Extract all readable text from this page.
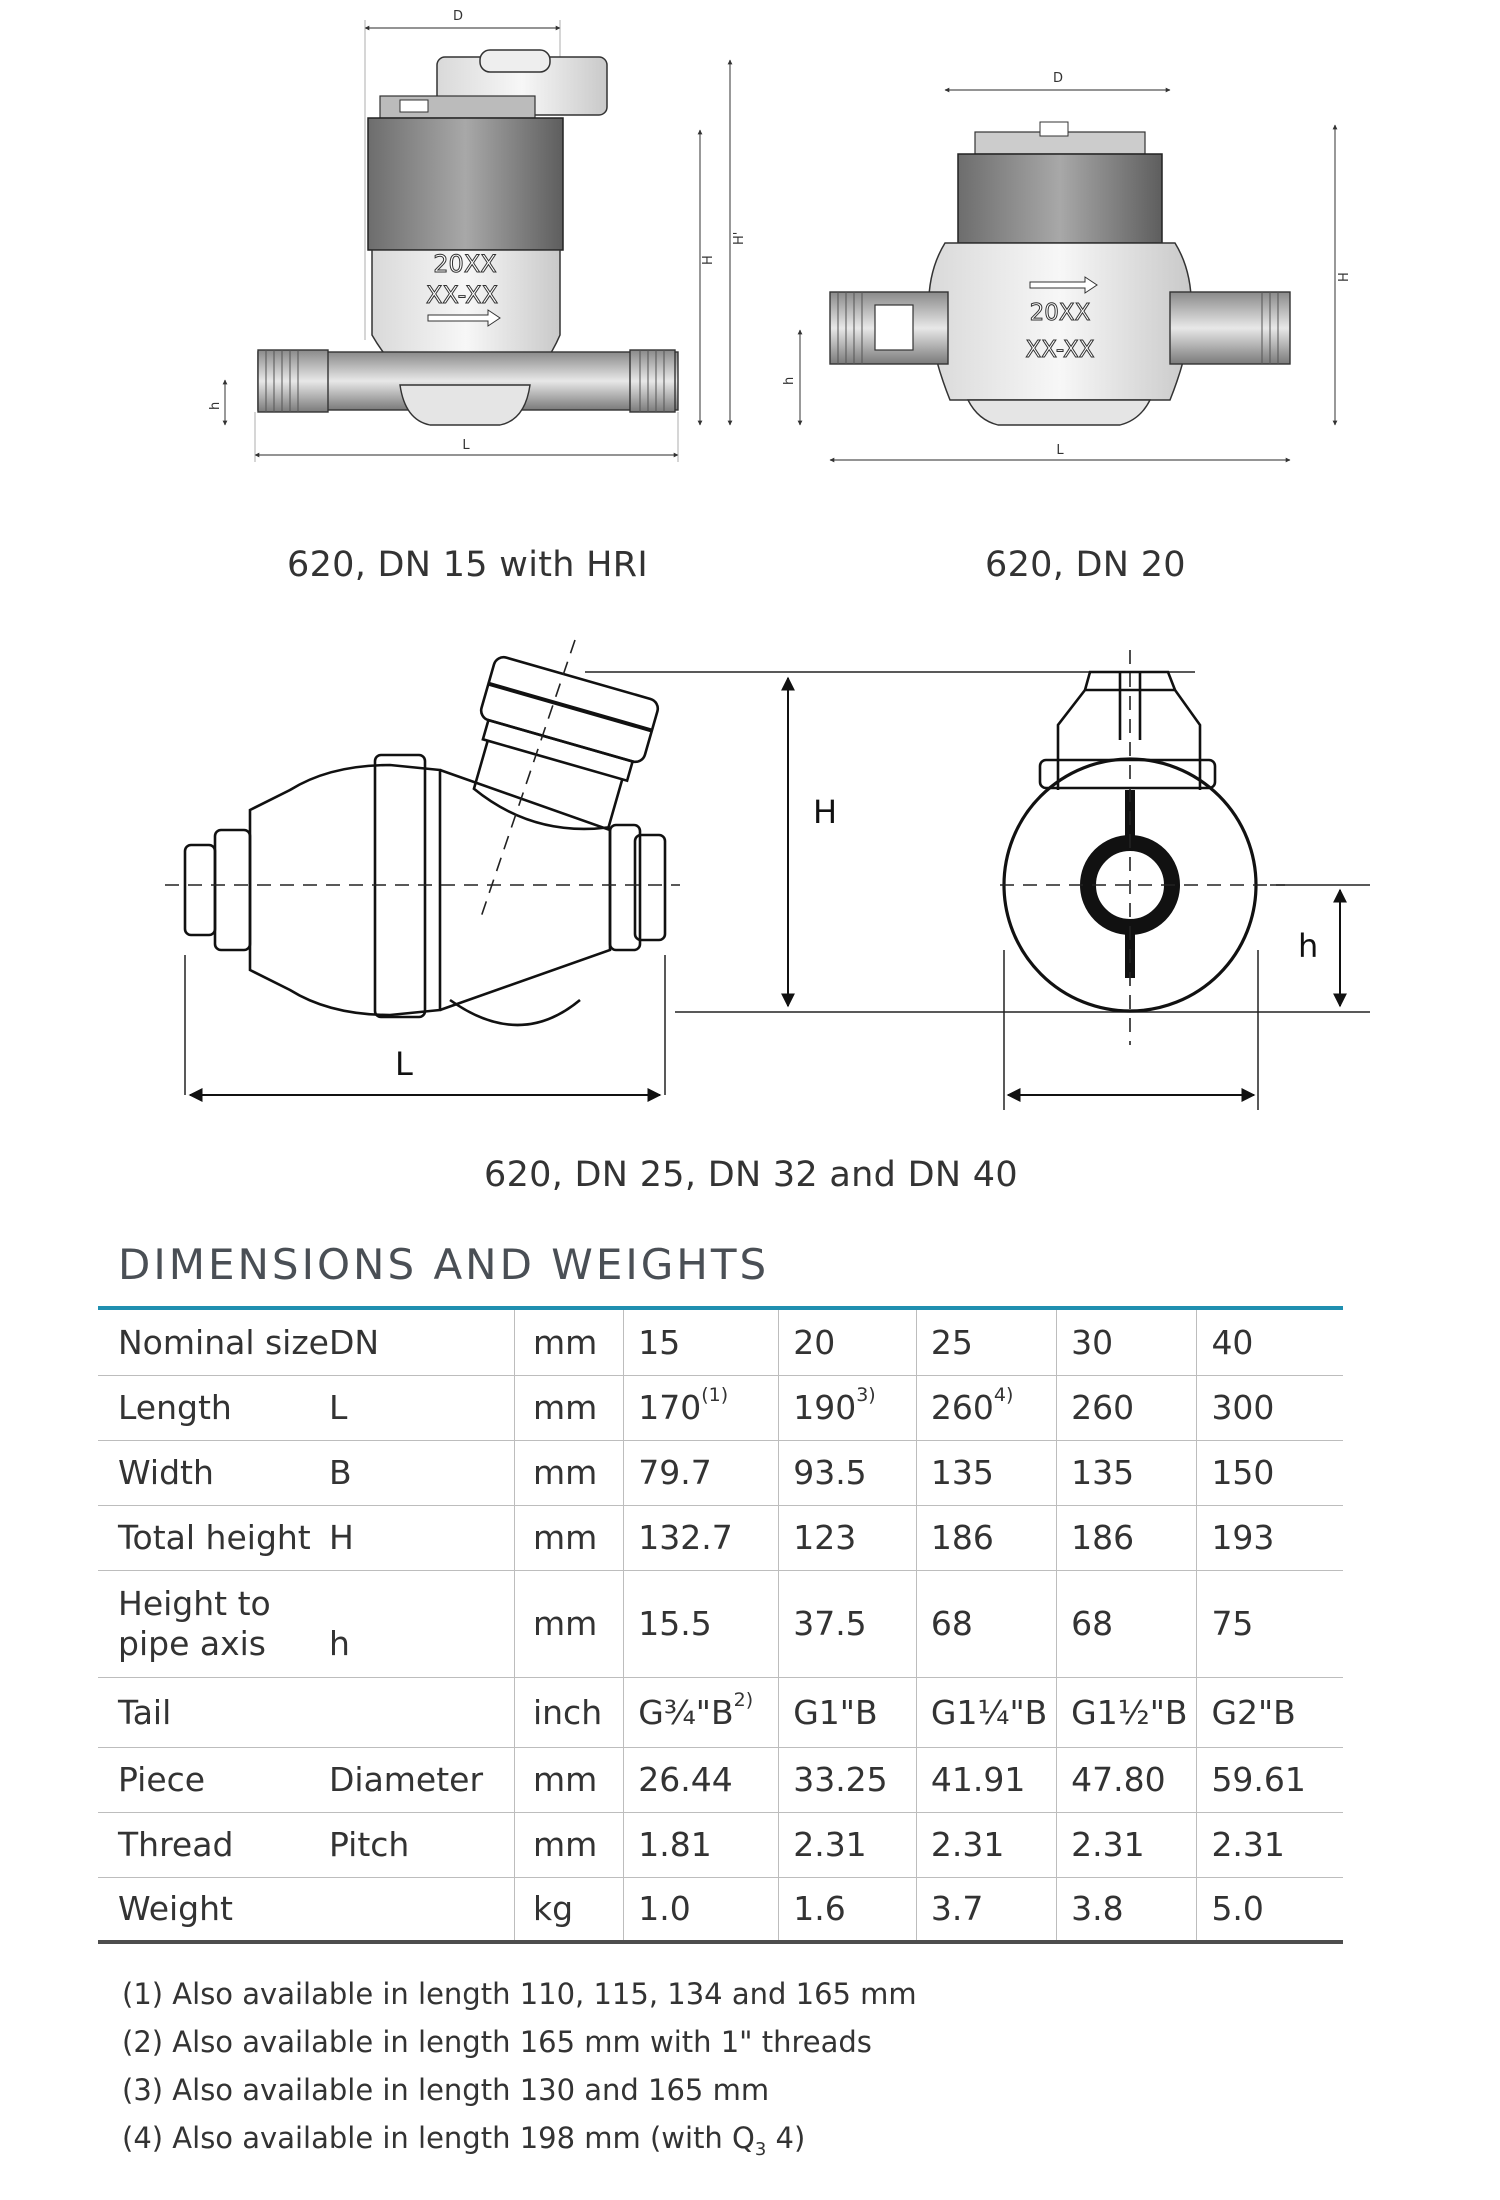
D
20XX
XX-XX
H
H'
h
L
D
20XX
XX-XX
H
h
L
H
L
h
620, DN 15 with HRI	620, DN 20
620, DN 25, DN 32 and DN 40
DIMENSIONS AND WEIGHTS
Nominal size	DN	mm	15	20	25	30	40
Length	L	mm	170$^{(1)}$	190$^{3)}$	260$^{4)}$	260	300
Width	B	mm	79.7	93.5	135	135	150
Total height	H	mm	132.7	123	186	186	193

Height to
pipe axis	h	mm	15.5	37.5	68	68	75
Tail		inch	$G\frac{3}{4}"B^{2)}$	G1"B	G1¼"B	G1½"B	G2"B
Piece	Diameter	mm	26.44	33.25	41.91	47.80	59.61
Thread	Pitch	mm	1.81	2.31	2.31	2.31	2.31
Weight		kg	1.0	1.6	3.7	3.8	5.0
(1) Also available in length 110, 115, 134 and 165 mm
(2) Also available in length 165 mm with 1" threads
(3) Also available in length 130 and 165 mm
(4) Also available in length 198 mm (with $Q_3$ 4)
